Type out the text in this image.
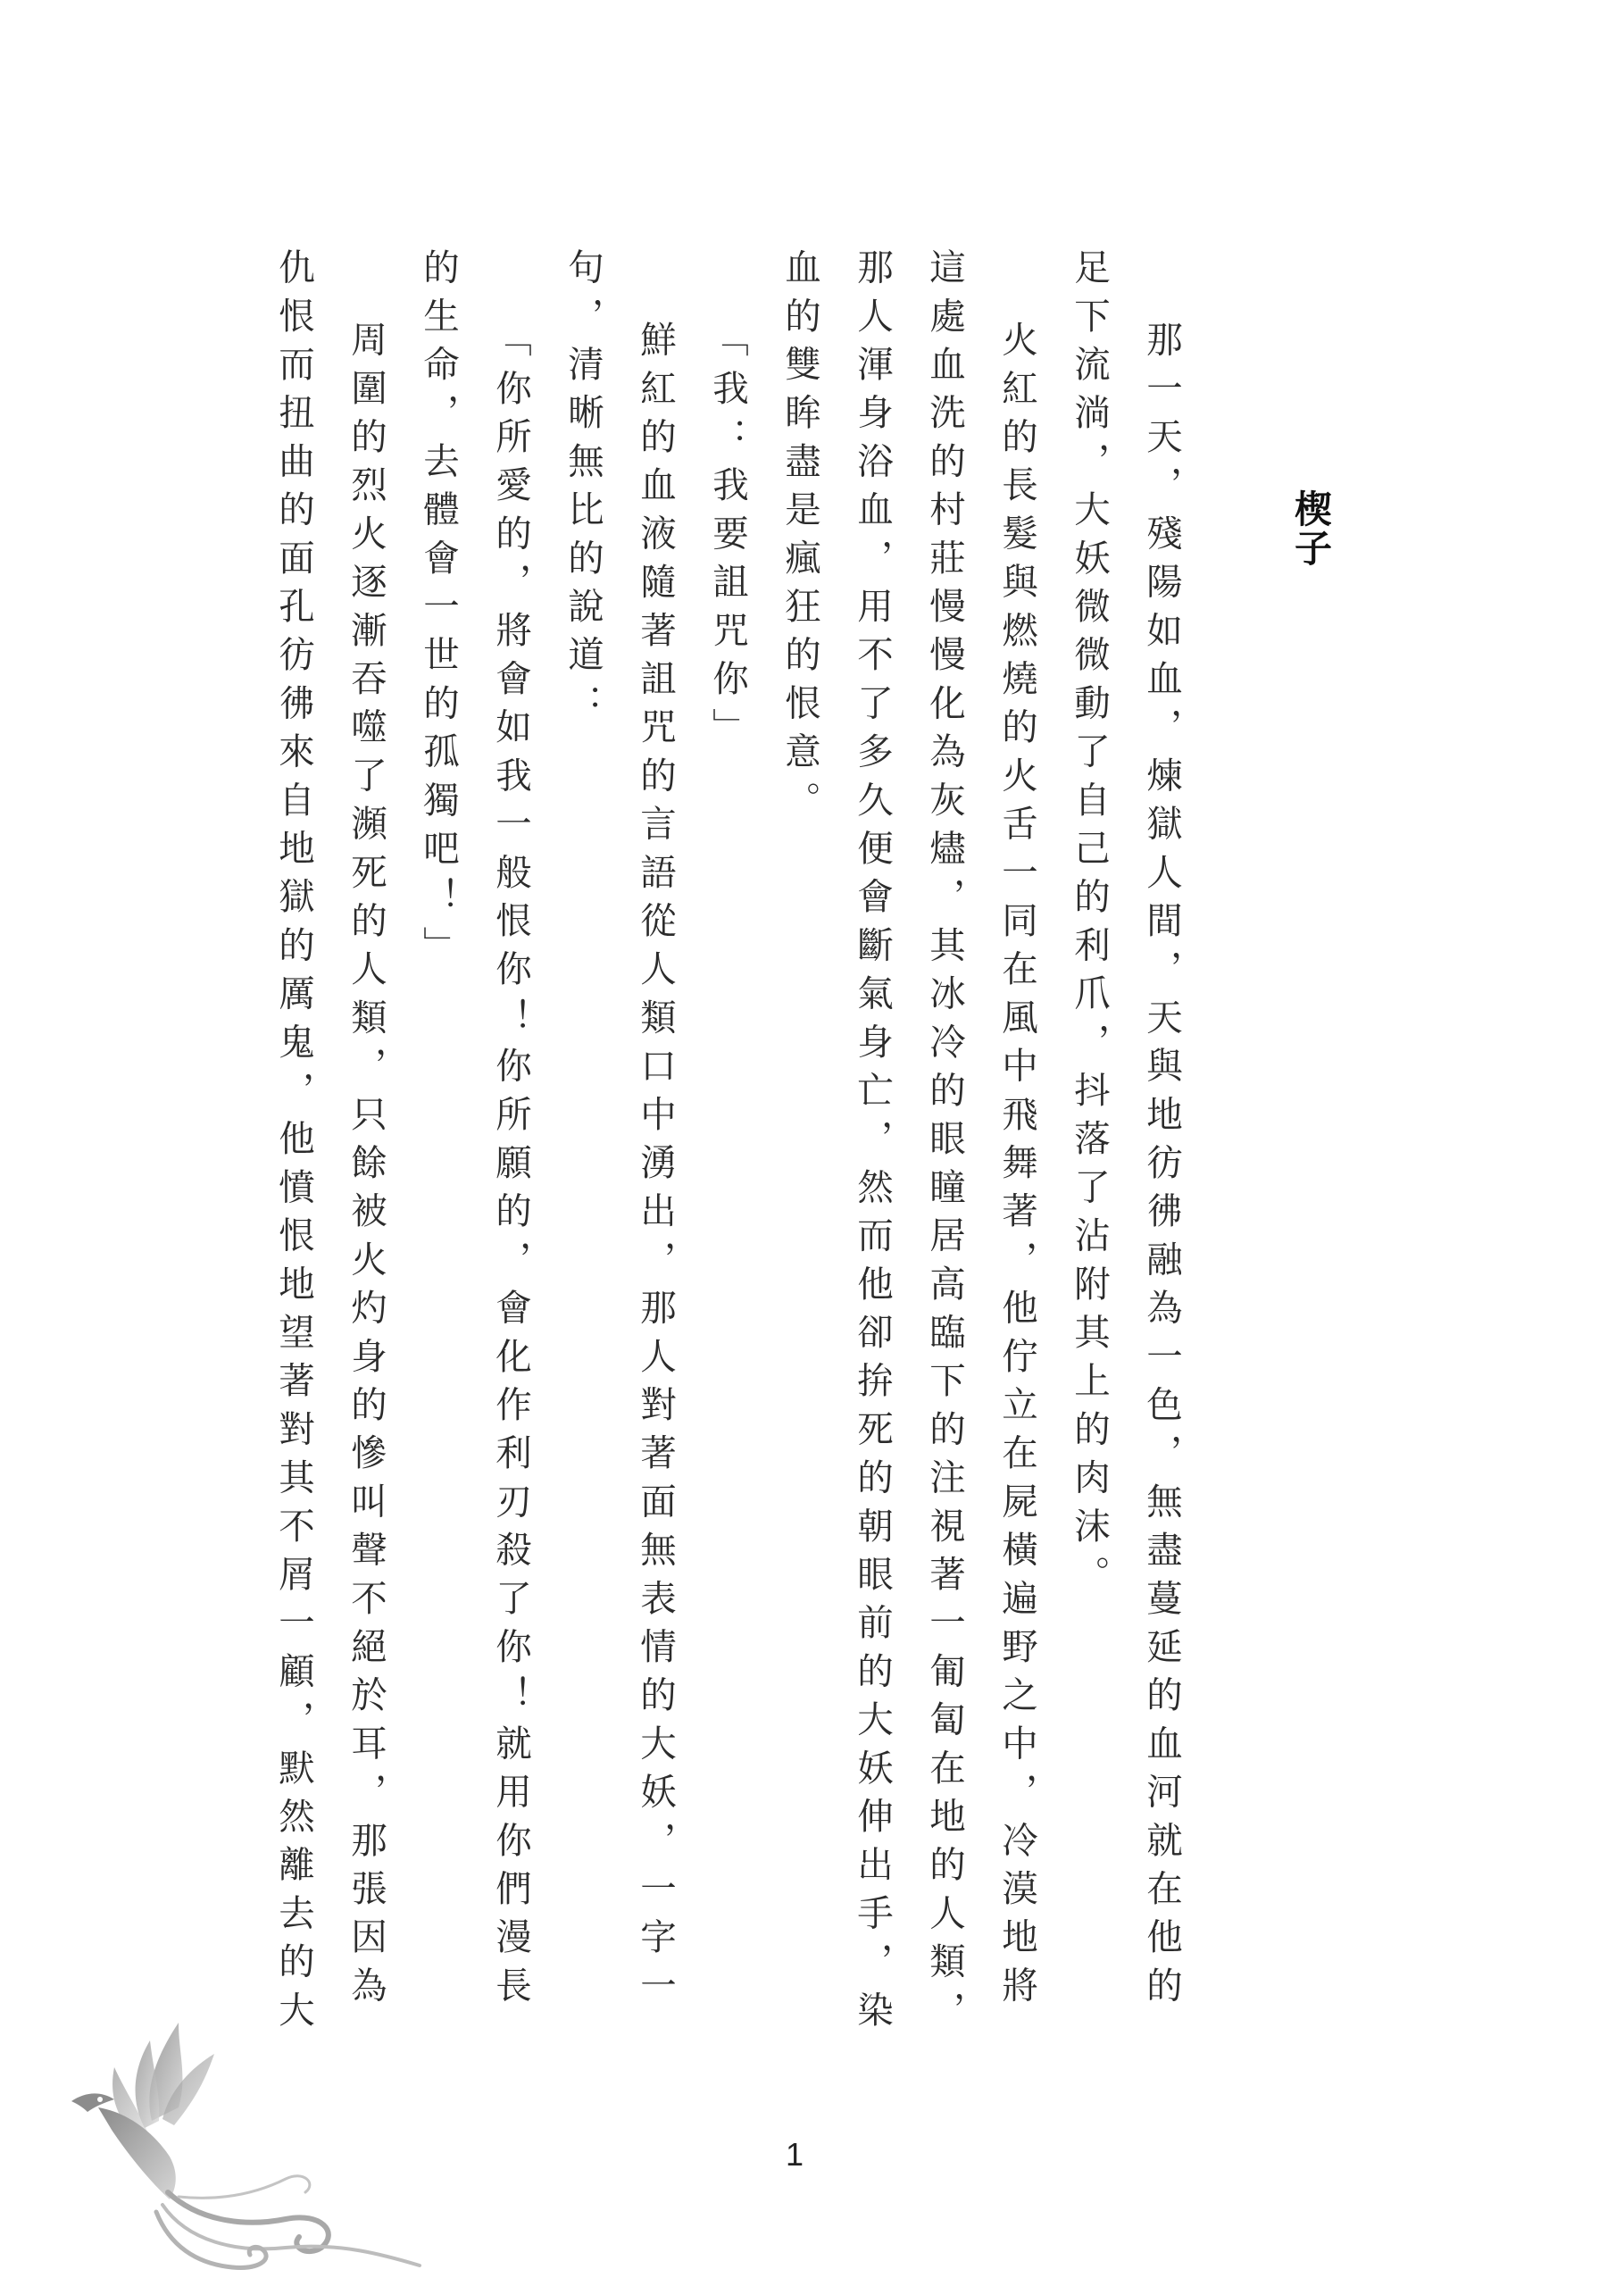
楔子

那一天，殘陽如血，煉獄人間，天與地彷彿融為一色，無盡蔓延的血河就在他的足下流淌，大妖微微動了自己的利爪，抖落了沾附其上的肉沫。

火紅的長髮與燃燒的火舌一同在風中飛舞著，他佇立在屍橫遍野之中，冷漠地將這處血洗的村莊慢慢化為灰燼，其冰冷的眼瞳居高臨下的注視著一匍匐在地的人類，那人渾身浴血，用不了多久便會斷氣身亡，然而他卻拚死的朝眼前的大妖伸出手，染血的雙眸盡是瘋狂的恨意。

「我：我要詛咒你」

鮮紅的血液隨著詛咒的言語從人類口中湧出，那人對著面無表情的大妖，一字一句，清晰無比的說道：

「你所愛的，將會如我一般恨你！你所願的，會化作利刃殺了你！就用你們漫長的生命，去體會一世的孤獨吧！」

周圍的烈火逐漸吞噬了瀕死的人類，只餘被火灼身的慘叫聲不絕於耳，那張因為仇恨而扭曲的面孔彷彿來自地獄的厲鬼，他憤恨地望著對其不屑一顧，默然離去的大

1
